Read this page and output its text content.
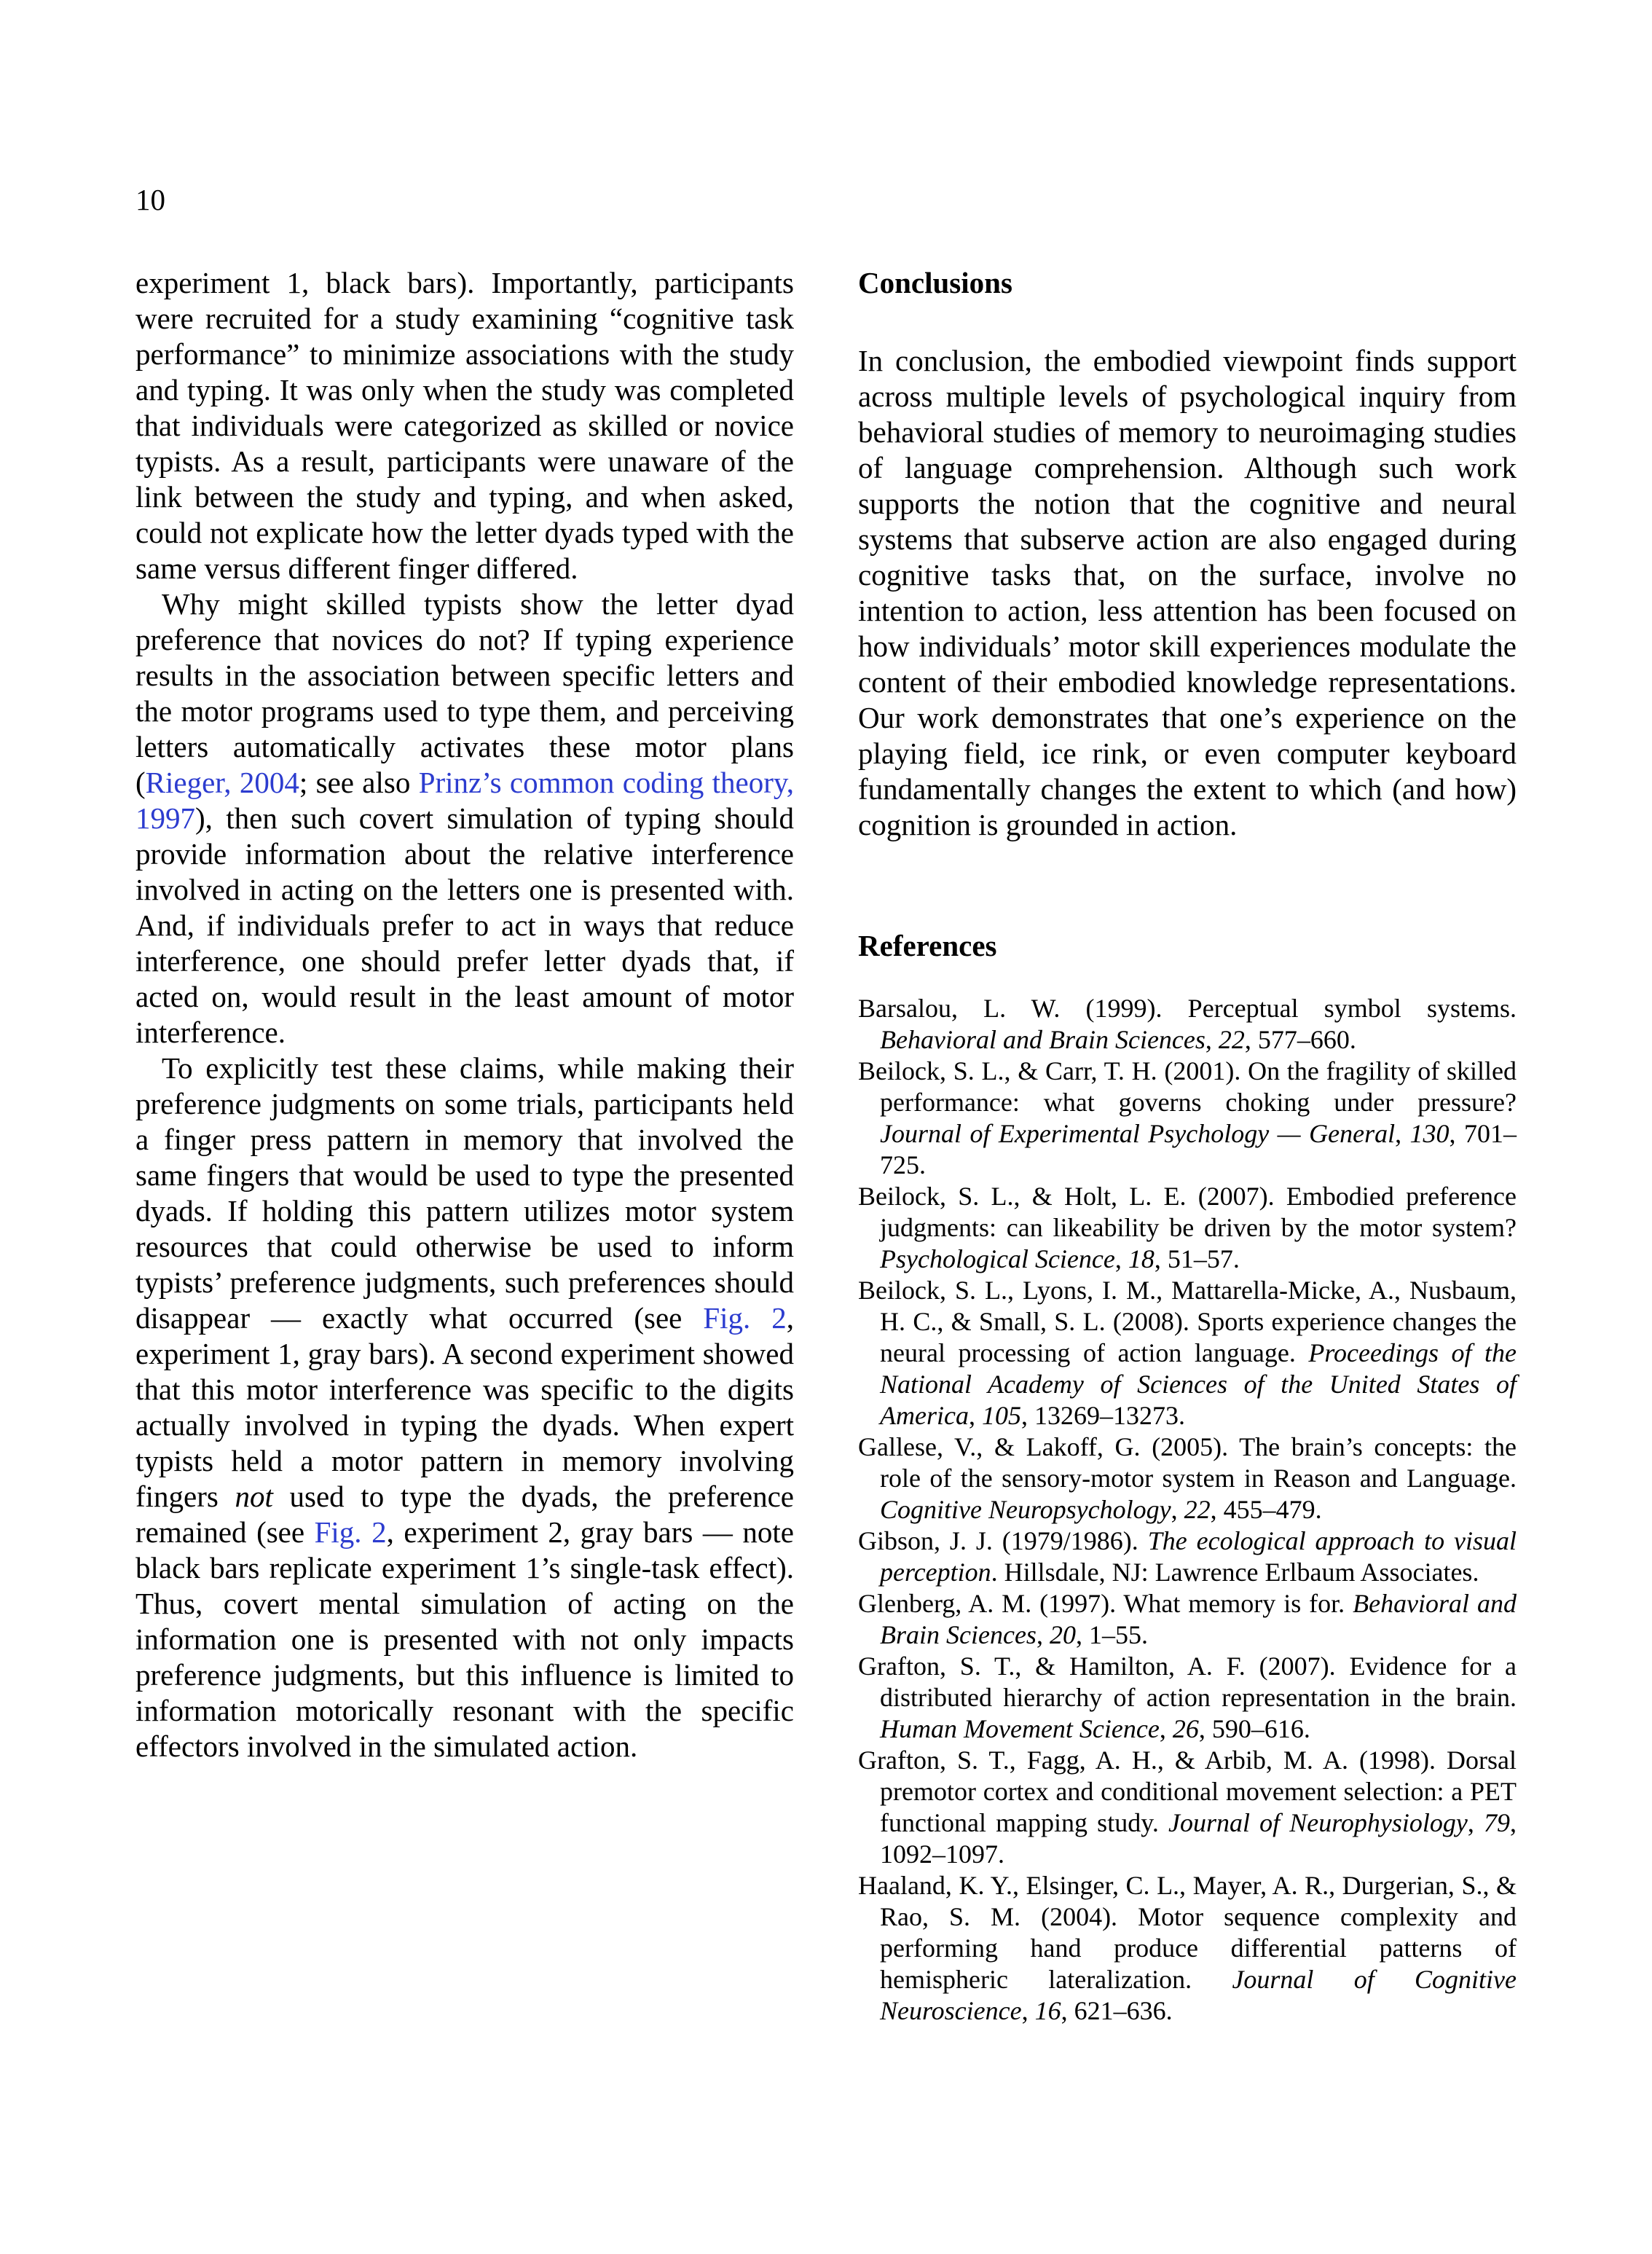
10

experiment 1, black bars). Importantly, participants were recruited for a study examining “cognitive task performance” to minimize associations with the study and typing. It was only when the study was completed that individuals were categorized as skilled or novice typists. As a result, participants were unaware of the link between the study and typing, and when asked, could not explicate how the letter dyads typed with the same versus different finger differed.

Why might skilled typists show the letter dyad preference that novices do not? If typing experience results in the association between specific letters and the motor programs used to type them, and perceiving letters automatically activates these motor plans (Rieger, 2004; see also Prinz’s common coding theory, 1997), then such covert simulation of typing should provide information about the relative interference involved in acting on the letters one is presented with. And, if individuals prefer to act in ways that reduce interference, one should prefer letter dyads that, if acted on, would result in the least amount of motor interference.

To explicitly test these claims, while making their preference judgments on some trials, participants held a finger press pattern in memory that involved the same fingers that would be used to type the presented dyads. If holding this pattern utilizes motor system resources that could otherwise be used to inform typists’ preference judgments, such preferences should disappear — exactly what occurred (see Fig. 2, experiment 1, gray bars). A second experiment showed that this motor interference was specific to the digits actually involved in typing the dyads. When expert typists held a motor pattern in memory involving fingers not used to type the dyads, the preference remained (see Fig. 2, experiment 2, gray bars — note black bars replicate experiment 1’s single-task effect). Thus, covert mental simulation of acting on the information one is presented with not only impacts preference judgments, but this influence is limited to information motorically resonant with the specific effectors involved in the simulated action.

Conclusions

In conclusion, the embodied viewpoint finds support across multiple levels of psychological inquiry from behavioral studies of memory to neuroimaging studies of language comprehension. Although such work supports the notion that the cognitive and neural systems that subserve action are also engaged during cognitive tasks that, on the surface, involve no intention to action, less attention has been focused on how individuals’ motor skill experiences modulate the content of their embodied knowledge representations. Our work demonstrates that one’s experience on the playing field, ice rink, or even computer keyboard fundamentally changes the extent to which (and how) cognition is grounded in action.

References

Barsalou, L. W. (1999). Perceptual symbol systems. Behavioral and Brain Sciences, 22, 577–660.

Beilock, S. L., & Carr, T. H. (2001). On the fragility of skilled performance: what governs choking under pressure? Journal of Experimental Psychology — General, 130, 701–725.

Beilock, S. L., & Holt, L. E. (2007). Embodied preference judgments: can likeability be driven by the motor system? Psychological Science, 18, 51–57.

Beilock, S. L., Lyons, I. M., Mattarella-Micke, A., Nusbaum, H. C., & Small, S. L. (2008). Sports experience changes the neural processing of action language. Proceedings of the National Academy of Sciences of the United States of America, 105, 13269–13273.

Gallese, V., & Lakoff, G. (2005). The brain’s concepts: the role of the sensory-motor system in Reason and Language. Cognitive Neuropsychology, 22, 455–479.

Gibson, J. J. (1979/1986). The ecological approach to visual perception. Hillsdale, NJ: Lawrence Erlbaum Associates.

Glenberg, A. M. (1997). What memory is for. Behavioral and Brain Sciences, 20, 1–55.

Grafton, S. T., & Hamilton, A. F. (2007). Evidence for a distributed hierarchy of action representation in the brain. Human Movement Science, 26, 590–616.

Grafton, S. T., Fagg, A. H., & Arbib, M. A. (1998). Dorsal premotor cortex and conditional movement selection: a PET functional mapping study. Journal of Neurophysiology, 79, 1092–1097.

Haaland, K. Y., Elsinger, C. L., Mayer, A. R., Durgerian, S., & Rao, S. M. (2004). Motor sequence complexity and performing hand produce differential patterns of hemispheric lateralization. Journal of Cognitive Neuroscience, 16, 621–636.
